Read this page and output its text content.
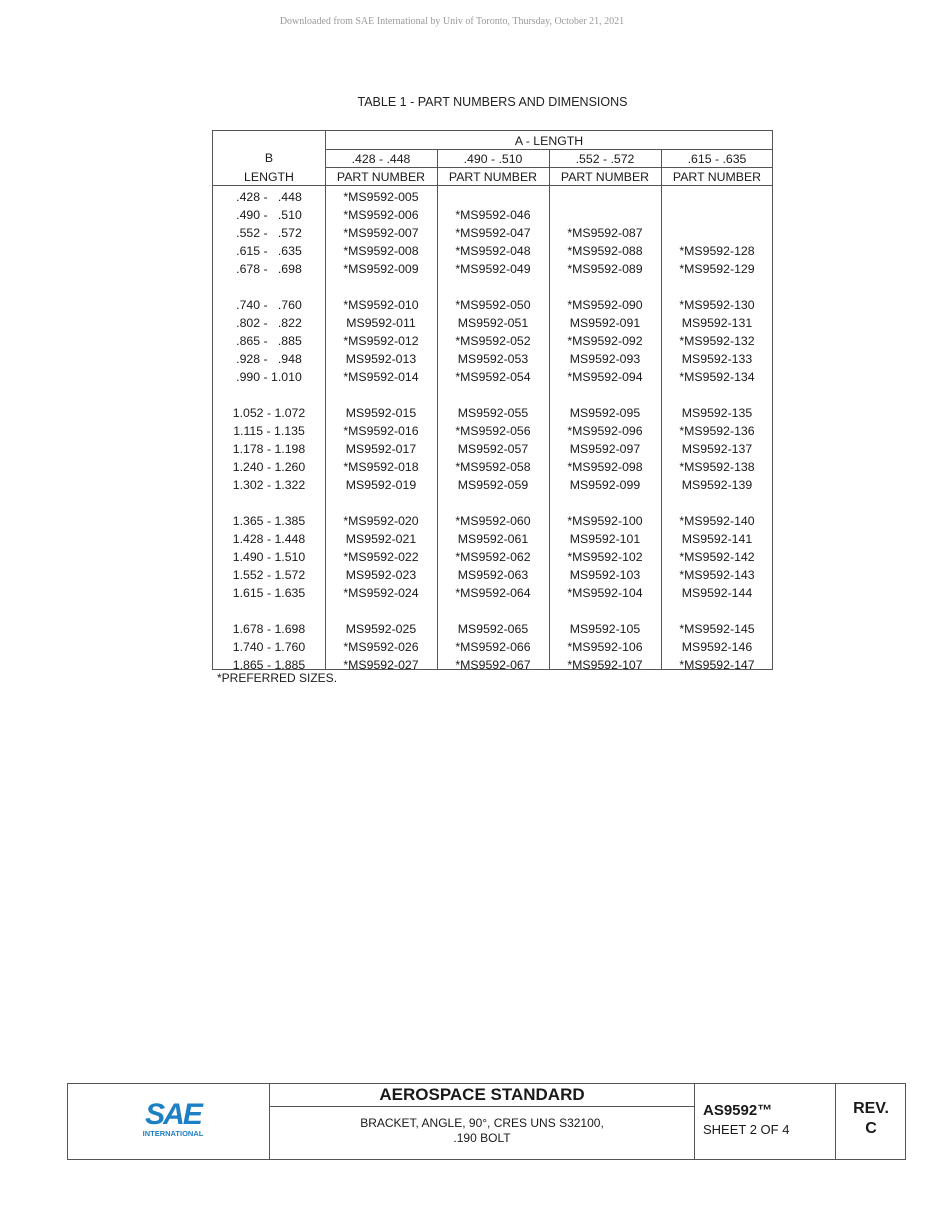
Downloaded from SAE International by Univ of Toronto, Thursday, October 21, 2021
TABLE 1 - PART NUMBERS AND DIMENSIONS
B
LENGTH
A - LENGTH
.428 - .448	.490 - .510	.552 - .572	.615 - .635
PART NUMBER	PART NUMBER	PART NUMBER	PART NUMBER
.428 -   .448	*MS9592-005
.490 -   .510	*MS9592-006	*MS9592-046
.552 -   .572	*MS9592-007	*MS9592-047	*MS9592-087
.615 -   .635	*MS9592-008	*MS9592-048	*MS9592-088	*MS9592-128
.678 -   .698	*MS9592-009	*MS9592-049	*MS9592-089	*MS9592-129
.740 -   .760	*MS9592-010	*MS9592-050	*MS9592-090	*MS9592-130
.802 -   .822	MS9592-011	MS9592-051	MS9592-091	MS9592-131
.865 -   .885	*MS9592-012	*MS9592-052	*MS9592-092	*MS9592-132
.928 -   .948	MS9592-013	MS9592-053	MS9592-093	MS9592-133
.990 - 1.010	*MS9592-014	*MS9592-054	*MS9592-094	*MS9592-134
1.052 - 1.072	MS9592-015	MS9592-055	MS9592-095	MS9592-135
1.115 - 1.135	*MS9592-016	*MS9592-056	*MS9592-096	*MS9592-136
1.178 - 1.198	MS9592-017	MS9592-057	MS9592-097	MS9592-137
1.240 - 1.260	*MS9592-018	*MS9592-058	*MS9592-098	*MS9592-138
1.302 - 1.322	MS9592-019	MS9592-059	MS9592-099	MS9592-139
1.365 - 1.385	*MS9592-020	*MS9592-060	*MS9592-100	*MS9592-140
1.428 - 1.448	MS9592-021	MS9592-061	MS9592-101	MS9592-141
1.490 - 1.510	*MS9592-022	*MS9592-062	*MS9592-102	*MS9592-142
1.552 - 1.572	MS9592-023	MS9592-063	MS9592-103	*MS9592-143
1.615 - 1.635	*MS9592-024	*MS9592-064	*MS9592-104	MS9592-144
1.678 - 1.698	MS9592-025	MS9592-065	MS9592-105	*MS9592-145
1.740 - 1.760	*MS9592-026	*MS9592-066	*MS9592-106	MS9592-146
1.865 - 1.885	*MS9592-027	*MS9592-067	*MS9592-107	*MS9592-147
*PREFERRED SIZES.
SAE
INTERNATIONAL
AEROSPACE STANDARD
BRACKET, ANGLE, 90°, CRES UNS S32100,
.190 BOLT
AS9592™
SHEET 2 OF 4
REV.
C
